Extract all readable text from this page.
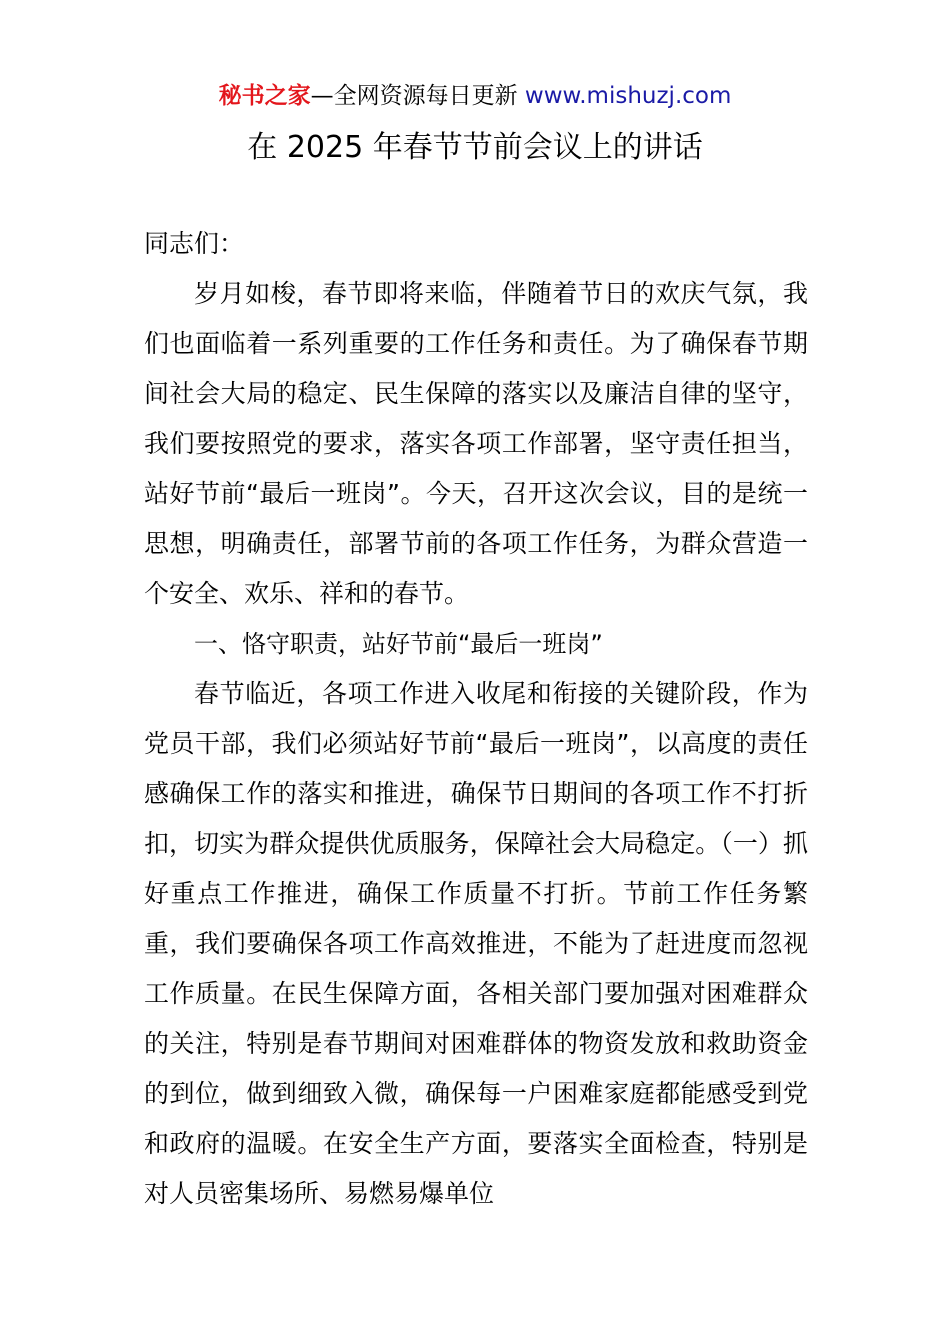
秘书之家—全网资源每日更新 www.mishuzj.com
在 2025 年春节节前会议上的讲话

同志们：

岁月如梭，春节即将来临，伴随着节日的欢庆气氛，我们也面临着一系列重要的工作任务和责任。为了确保春节期间社会大局的稳定、民生保障的落实以及廉洁自律的坚守，我们要按照党的要求，落实各项工作部署，坚守责任担当，站好节前“最后一班岗”。今天，召开这次会议，目的是统一思想，明确责任，部署节前的各项工作任务，为群众营造一个安全、欢乐、祥和的春节。

一、恪守职责，站好节前“最后一班岗”

春节临近，各项工作进入收尾和衔接的关键阶段，作为党员干部，我们必须站好节前“最后一班岗”，以高度的责任感确保工作的落实和推进，确保节日期间的各项工作不打折扣，切实为群众提供优质服务，保障社会大局稳定。（一）抓好重点工作推进，确保工作质量不打折。节前工作任务繁重，我们要确保各项工作高效推进，不能为了赶进度而忽视工作质量。在民生保障方面，各相关部门要加强对困难群众的关注，特别是春节期间对困难群体的物资发放和救助资金的到位，做到细致入微，确保每一户困难家庭都能感受到党和政府的温暖。在安全生产方面，要落实全面检查，特别是对人员密集场所、易燃易爆单位
